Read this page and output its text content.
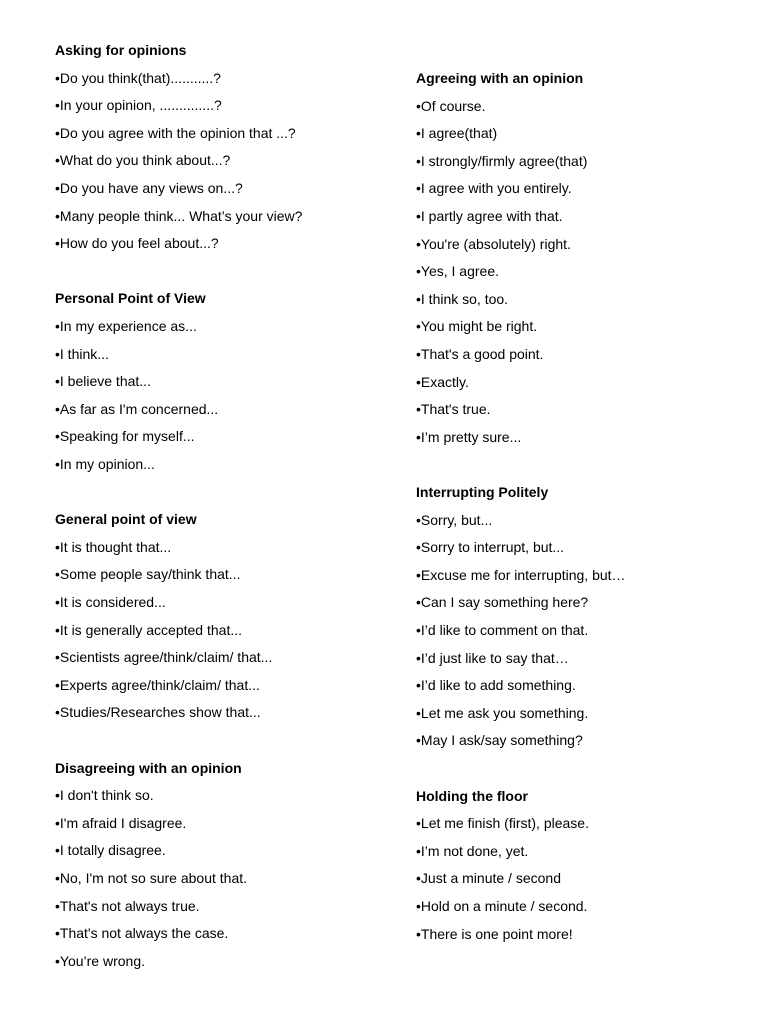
Asking for opinions
•Do you think(that)...........?
•In your opinion, ..............?
•Do you agree with the opinion that ...?
•What do you think about...?
•Do you have any views on...?
•Many people think... What’s your view?
•How do you feel about...?
Personal Point of View
•In my experience as...
•I think...
•I believe that...
•As far as I'm concerned...
•Speaking for myself...
•In my opinion...
General point of view
•It is thought that...
•Some people say/think that...
•It is considered...
•It is generally accepted that...
•Scientists agree/think/claim/ that...
•Experts agree/think/claim/ that...
•Studies/Researches show that...
Disagreeing with an opinion
•I don't think so.
•I'm afraid I disagree.
•I totally disagree.
•No, I'm not so sure about that.
•That's not always true.
•That's not always the case.
•You’re wrong.
Agreeing with an opinion
•Of course.
•I agree(that)
•I strongly/firmly agree(that)
•I agree with you entirely.
•I partly agree with that.
•You're (absolutely) right.
•Yes, I agree.
•I think so, too.
•You might be right.
•That's a good point.
•Exactly.
•That's true.
•I’m pretty sure...
Interrupting Politely
•Sorry, but...
•Sorry to interrupt, but...
•Excuse me for interrupting, but…
•Can I say something here?
•I’d like to comment on that.
•I’d just like to say that…
•I’d like to add something.
•Let me ask you something.
•May I ask/say something?
Holding the floor
•Let me finish (first), please.
•I’m not done, yet.
•Just a minute / second
•Hold on a minute / second.
•There is one point more!
